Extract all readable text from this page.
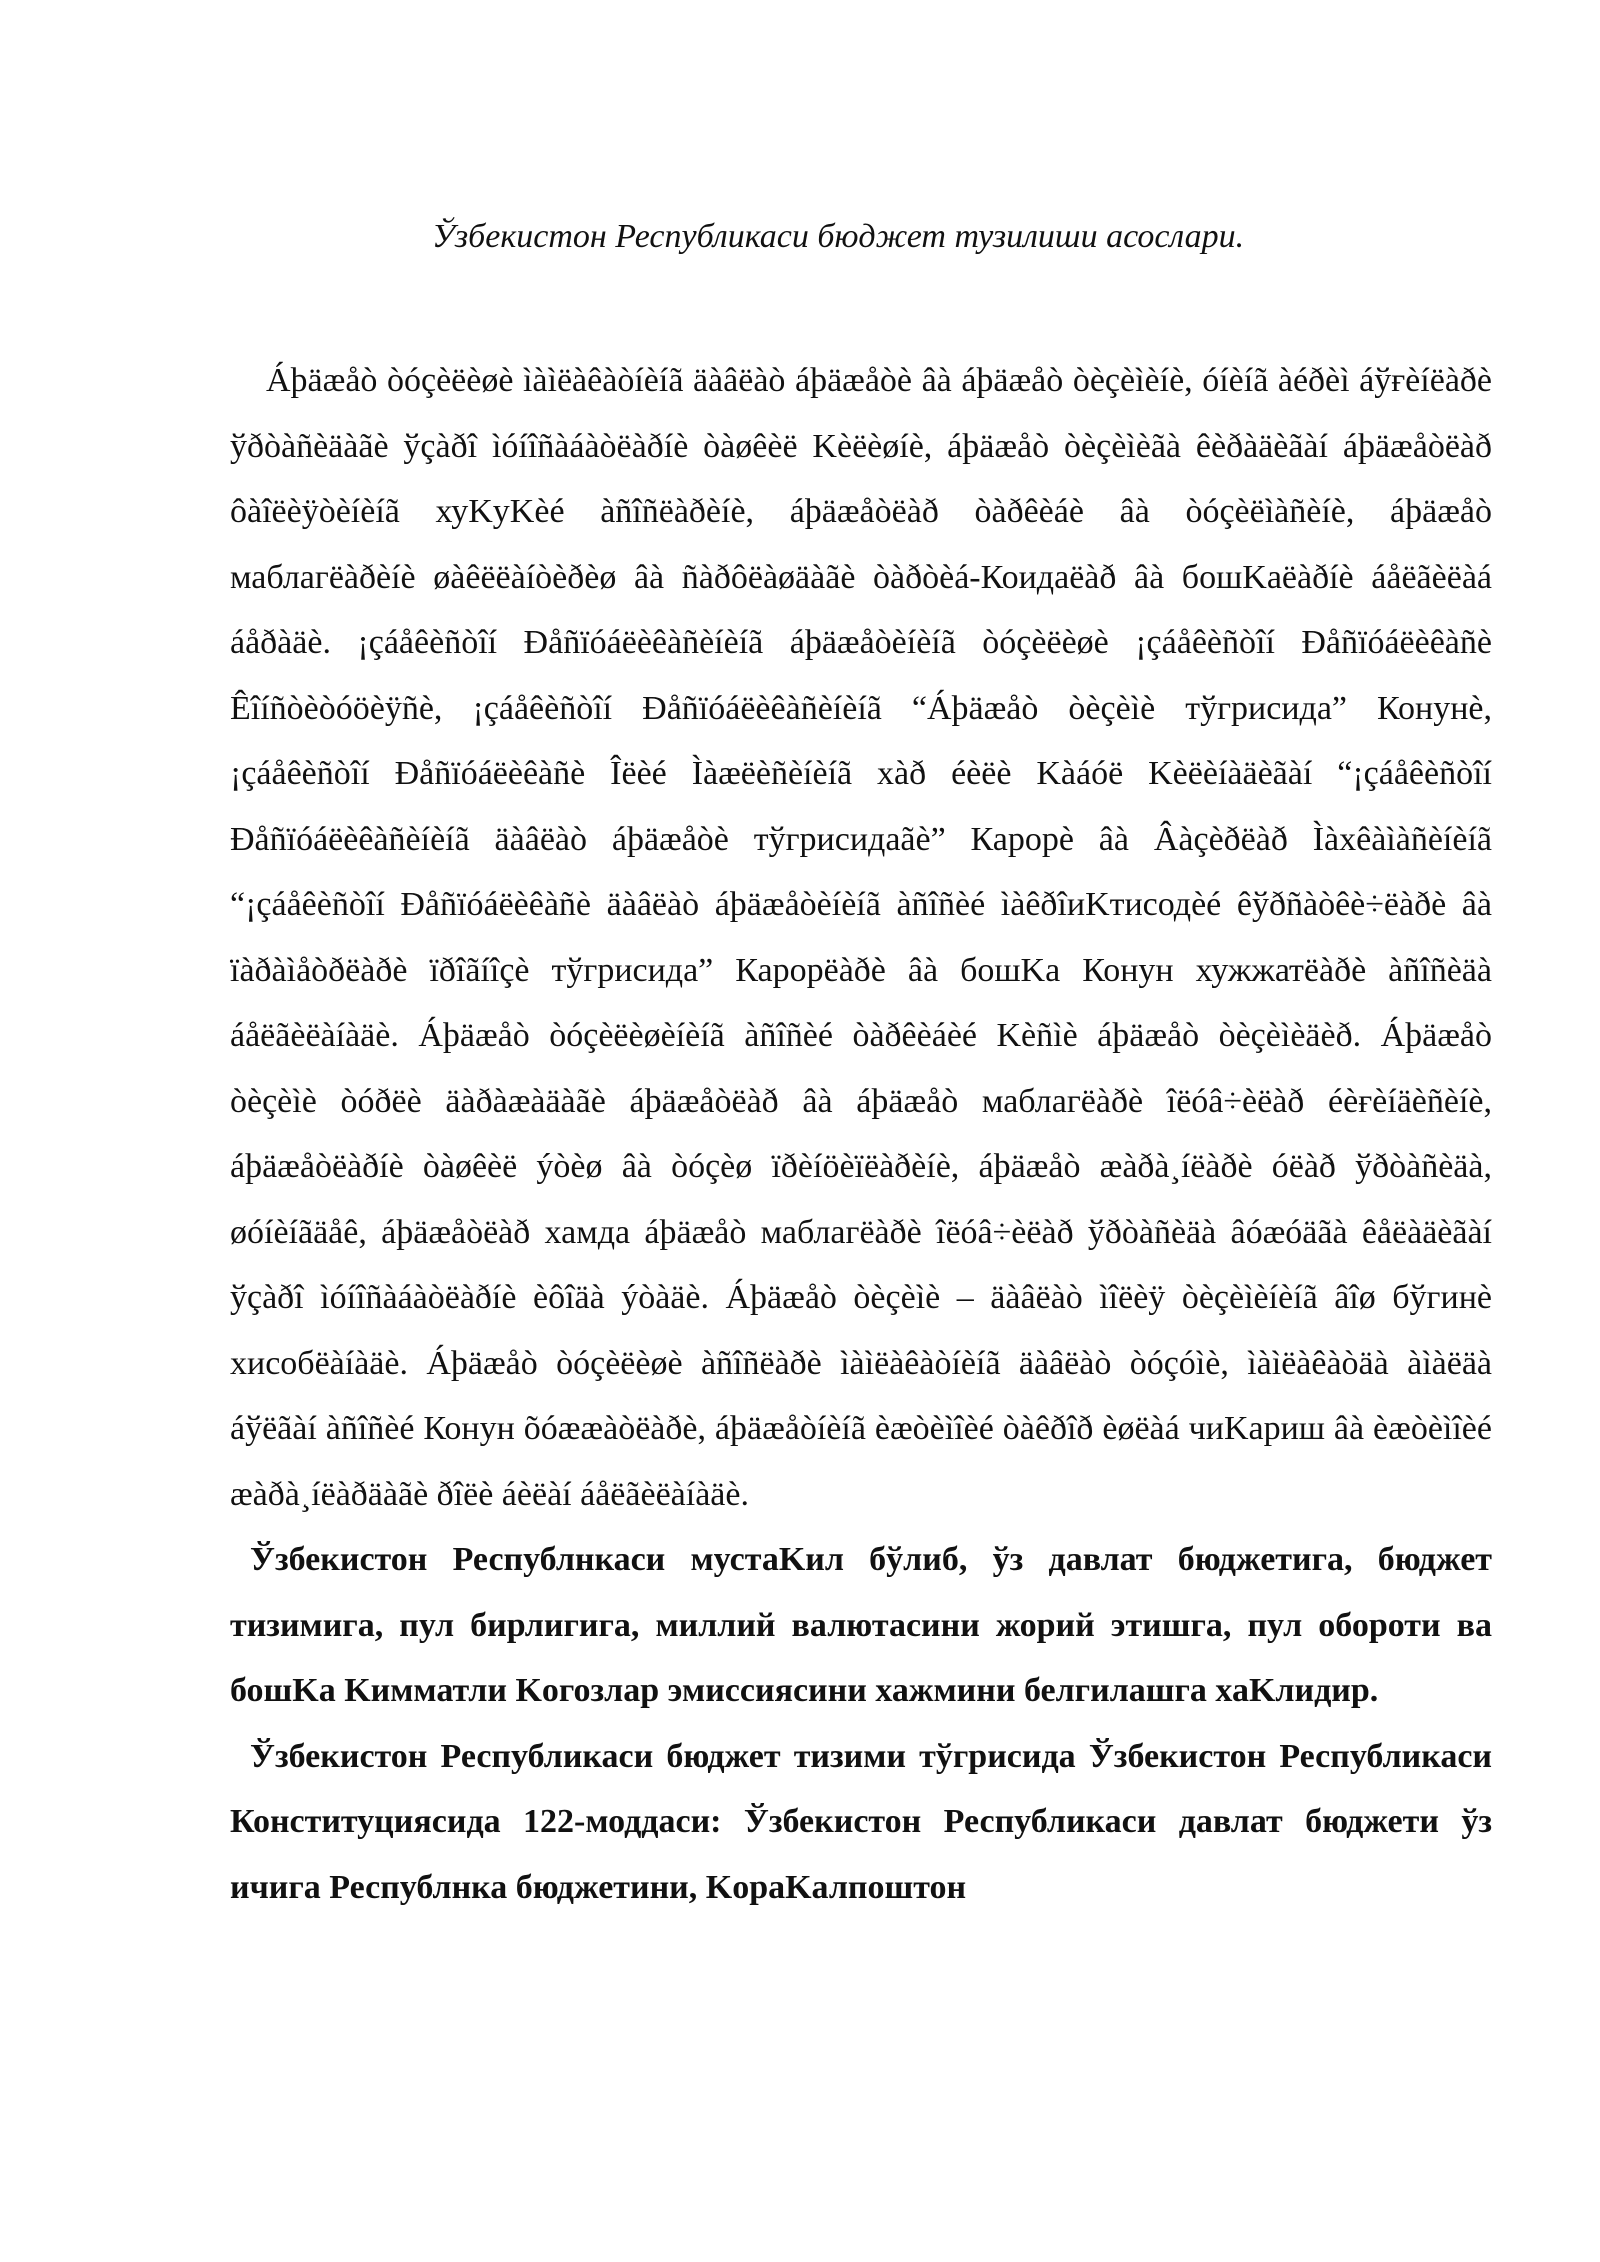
Ўзбекистон Республикаси бюджет тузилиши асослари.

Áþäæåò òóçèëèøè ìàìëàêàòíèíã äàâëàò áþäæåòè âà áþäæåò òèçèìèíè, óíèíã àéðèì áўғèíëàðè ўðòàñèäàãè ўçàðî ìóíîñàáàòëàðíè òàøêèë Kèëèøíè, áþäæåò òèçèìèãà êèðàäèãàí áþäæåòëàð ôàîëèÿòèíèíã хуKуKèé àñîñëàðèíè, áþäæåòëàð òàðêèáè âà òóçèëìàñèíè, áþäæåò маблагëàðèíè øàêëëàíòèðèø âà ñàðôëàøäàãè òàðòèá-Коидаëàð âà бошKaëàðíè áåëãèëàá áåðàäè. ¡çáåêèñòîí Ðåñïóáëèêàñèíèíã áþäæåòèíèíã òóçèëèøè ¡çáåêèñòîí Ðåñïóáëèêàñè Êîíñòèòóöèÿñè, ¡çáåêèñòîí Ðåñïóáëèêàñèíèíã “Áþäæåò òèçèìè тўгрисида” Конунè, ¡çáåêèñòîí Ðåñïóáëèêàñè Îëèé Ìàæëèñèíèíã xàð éèëè Kàáóë Kèëèíàäèãàí “¡çáåêèñòîí Ðåñïóáëèêàñèíèíã äàâëàò áþäæåòè тўгрисидаãè” Карорè âà Âàçèðëàð Ìàхêàìàñèíèíã “¡çáåêèñòîí Ðåñïóáëèêàñè äàâëàò áþäæåòèíèíã àñîñèé ìàêðîиKтисодèé êўðñàòêè÷ëàðè âà ïàðàìåòðëàðè ïðîãíîçè тўгрисида” Карорëàðè âà бошKа Конун хужжатëàðè àñîñèäà áåëãèëàíàäè. Áþäæåò òóçèëèøèíèíã àñîñèé òàðêèáèé Kèñìè áþäæåò òèçèìèäèð. Áþäæåò òèçèìè òóðëè äàðàæàäàãè áþäæåòëàð âà áþäæåò маблагëàðè îëóâ÷èëàð éèғèíäèñèíè, áþäæåòëàðíè òàøêèë ýòèø âà òóçèø ïðèíöèïëàðèíè, áþäæåò æàðà¸íëàðè óëàð ўðòàñèäà, øóíèíãäåê, áþäæåòëàð хамда áþäæåò маблагëàðè îëóâ÷èëàð ўðòàñèäà âóæóäãà êåëàäèãàí ўçàðî ìóíîñàáàòëàðíè èôîäà ýòàäè. Áþäæåò òèçèìè – äàâëàò ìîëèÿ òèçèìèíèíã âîø бўгинè хисобëàíàäè. Áþäæåò òóçèëèøè àñîñëàðè ìàìëàêàòíèíã äàâëàò òóçóìè, ìàìëàêàòäà àìàëäà áўëãàí àñîñèé Конун õóææàòëàðè, áþäæåòíèíã èæòèìîèé òàêðîð èøëàá чиKариш âà èæòèìîèé æàðà¸íëàðäàãè ðîëè áèëàí áåëãèëàíàäè.

Ўзбекистон Республнкаси мустаKил бўлиб, ўз давлат бюджетига, бюджет тизимига, пул бирлигига, миллий валютасини жорий этишга, пул обороти ва бошKa Kимматли Kогозлар эмиссиясини хажмини белгилашга хаKлидир.

Ўзбекистон Республикаси бюджет тизими тўгрисида Ўзбекистон Республикаси Конституциясида 122-моддаси: Ўзбекистон Республикаси давлат бюджети ўз ичига Республнка бюджетини, KораKалпоштон
